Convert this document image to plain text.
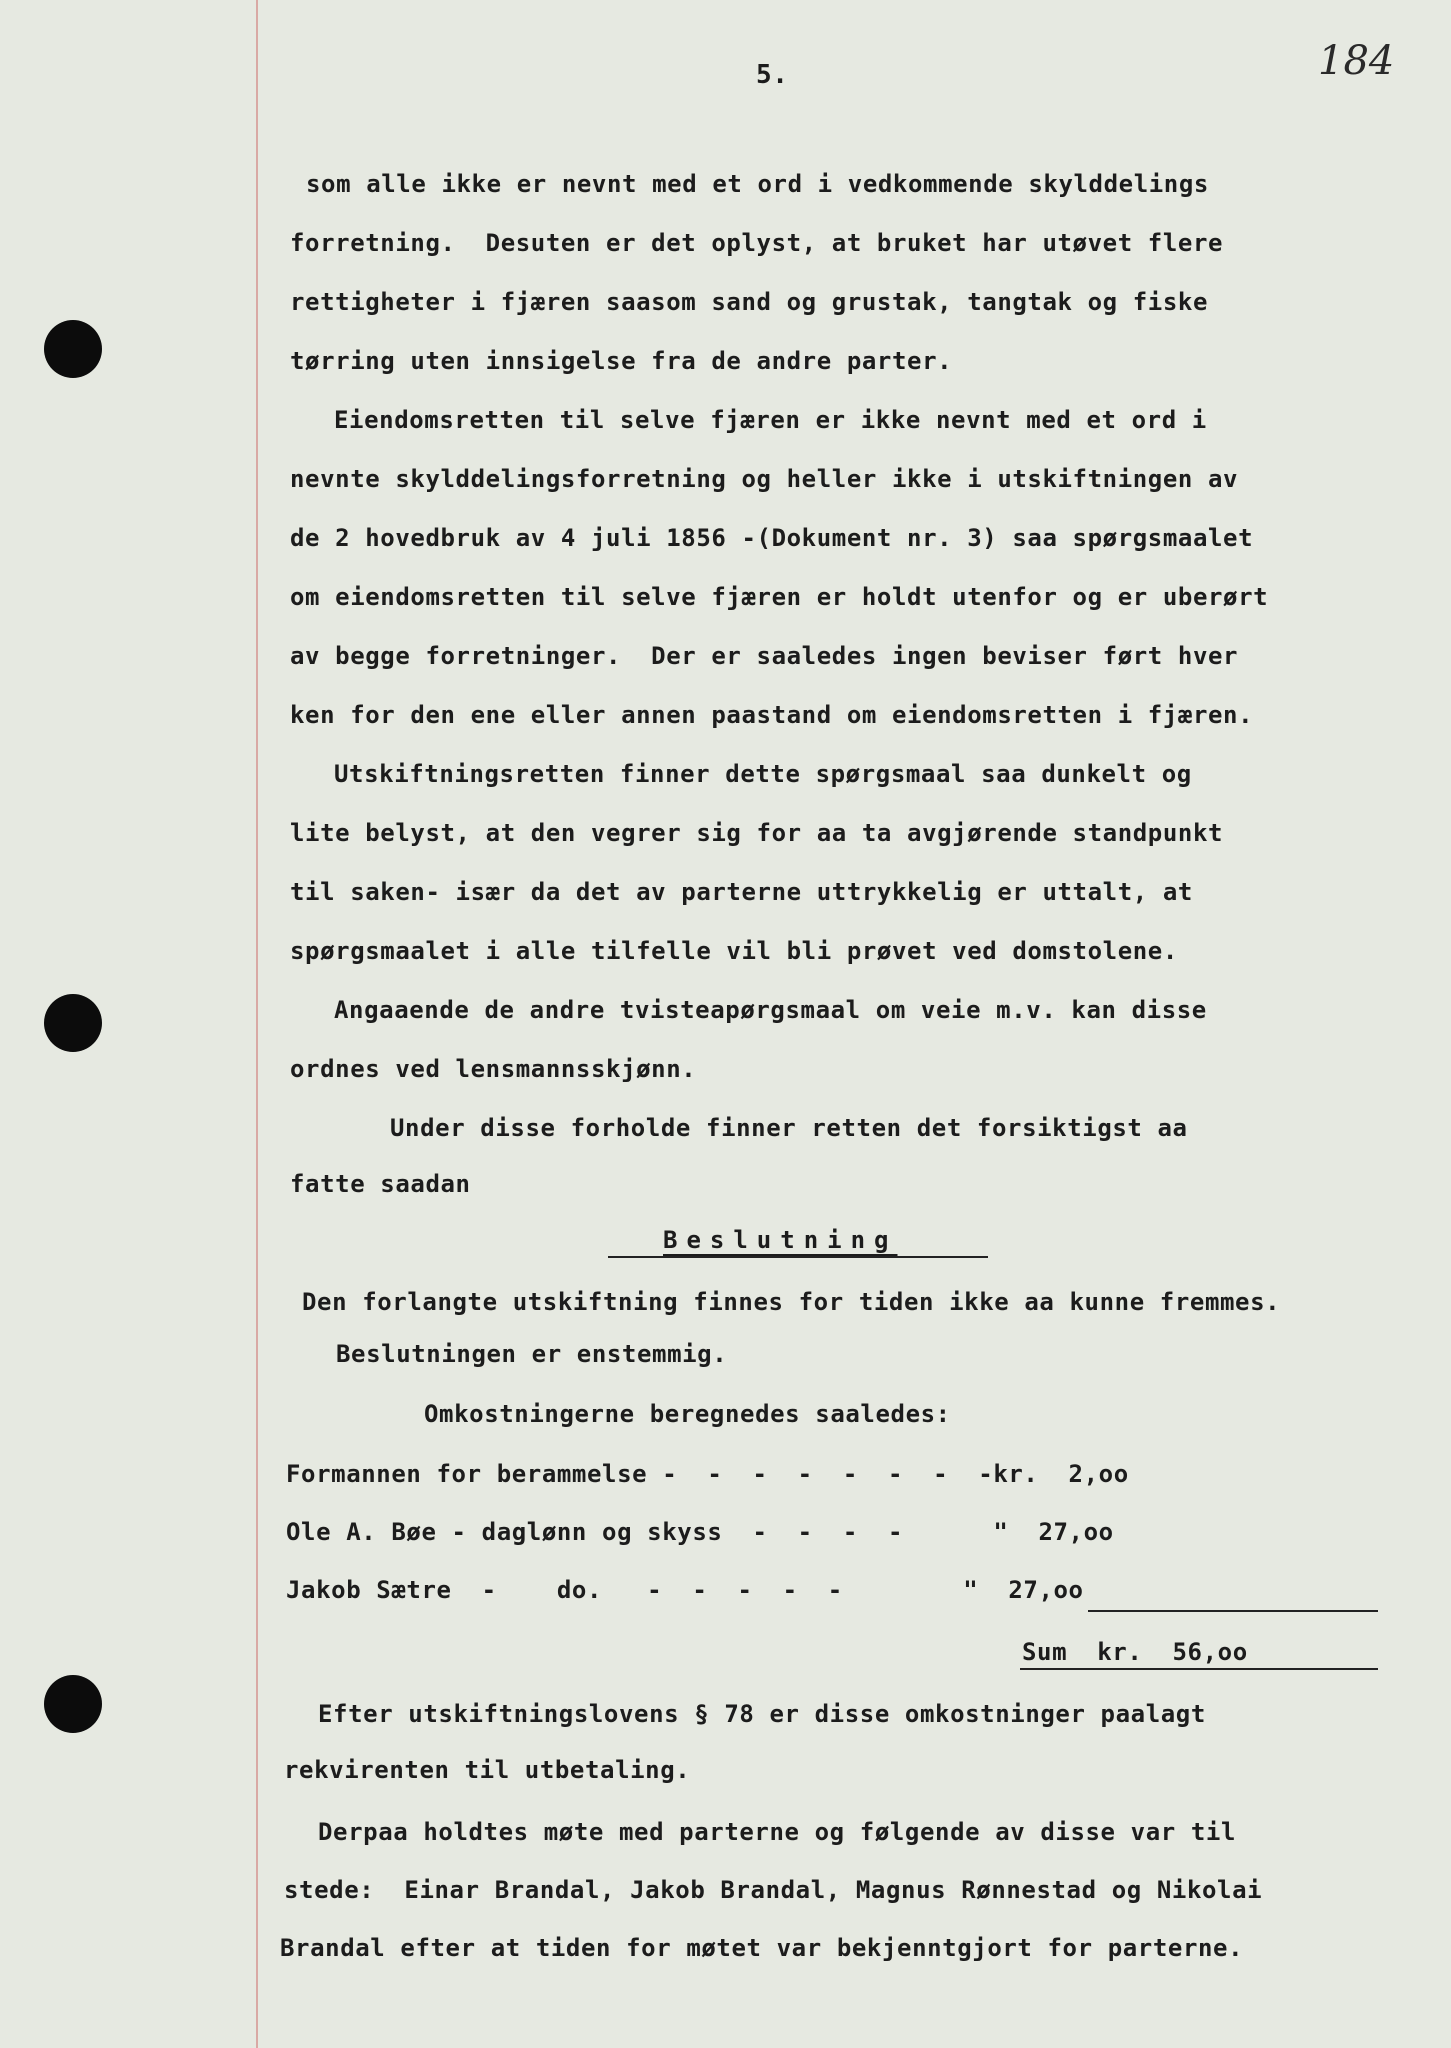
5.	184
som alle ikke er nevnt med et ord i vedkommende skylddelings
forretning.  Desuten er det oplyst, at bruket har utøvet flere
rettigheter i fjæren saasom sand og grustak, tangtak og fiske
tørring uten innsigelse fra de andre parter.
Eiendomsretten til selve fjæren er ikke nevnt med et ord i
nevnte skylddelingsforretning og heller ikke i utskiftningen av
de 2 hovedbruk av 4 juli 1856 -(Dokument nr. 3) saa spørgsmaalet
om eiendomsretten til selve fjæren er holdt utenfor og er uberørt
av begge forretninger.  Der er saaledes ingen beviser ført hver
ken for den ene eller annen paastand om eiendomsretten i fjæren.
Utskiftningsretten finner dette spørgsmaal saa dunkelt og
lite belyst, at den vegrer sig for aa ta avgjørende standpunkt
til saken- især da det av parterne uttrykkelig er uttalt, at
spørgsmaalet i alle tilfelle vil bli prøvet ved domstolene.
Angaaende de andre tvisteapørgsmaal om veie m.v. kan disse
ordnes ved lensmannsskjønn.
Under disse forholde finner retten det forsiktigst aa
fatte saadan
Beslutning
Den forlangte utskiftning finnes for tiden ikke aa kunne fremmes.
Beslutningen er enstemmig.
Omkostningerne beregnedes saaledes:
Formannen for berammelse -  -  -  -  -  -  -  -kr.  2,oo
Ole A. Bøe - daglønn og skyss  -  -  -  -      "  27,oo
Jakob Sætre  -    do.   -  -  -  -  -        "  27,oo
Sum  kr.  56,oo
Efter utskiftningslovens § 78 er disse omkostninger paalagt
rekvirenten til utbetaling.
Derpaa holdtes møte med parterne og følgende av disse var til
stede:  Einar Brandal, Jakob Brandal, Magnus Rønnestad og Nikolai
Brandal efter at tiden for møtet var bekjenntgjort for parterne.
